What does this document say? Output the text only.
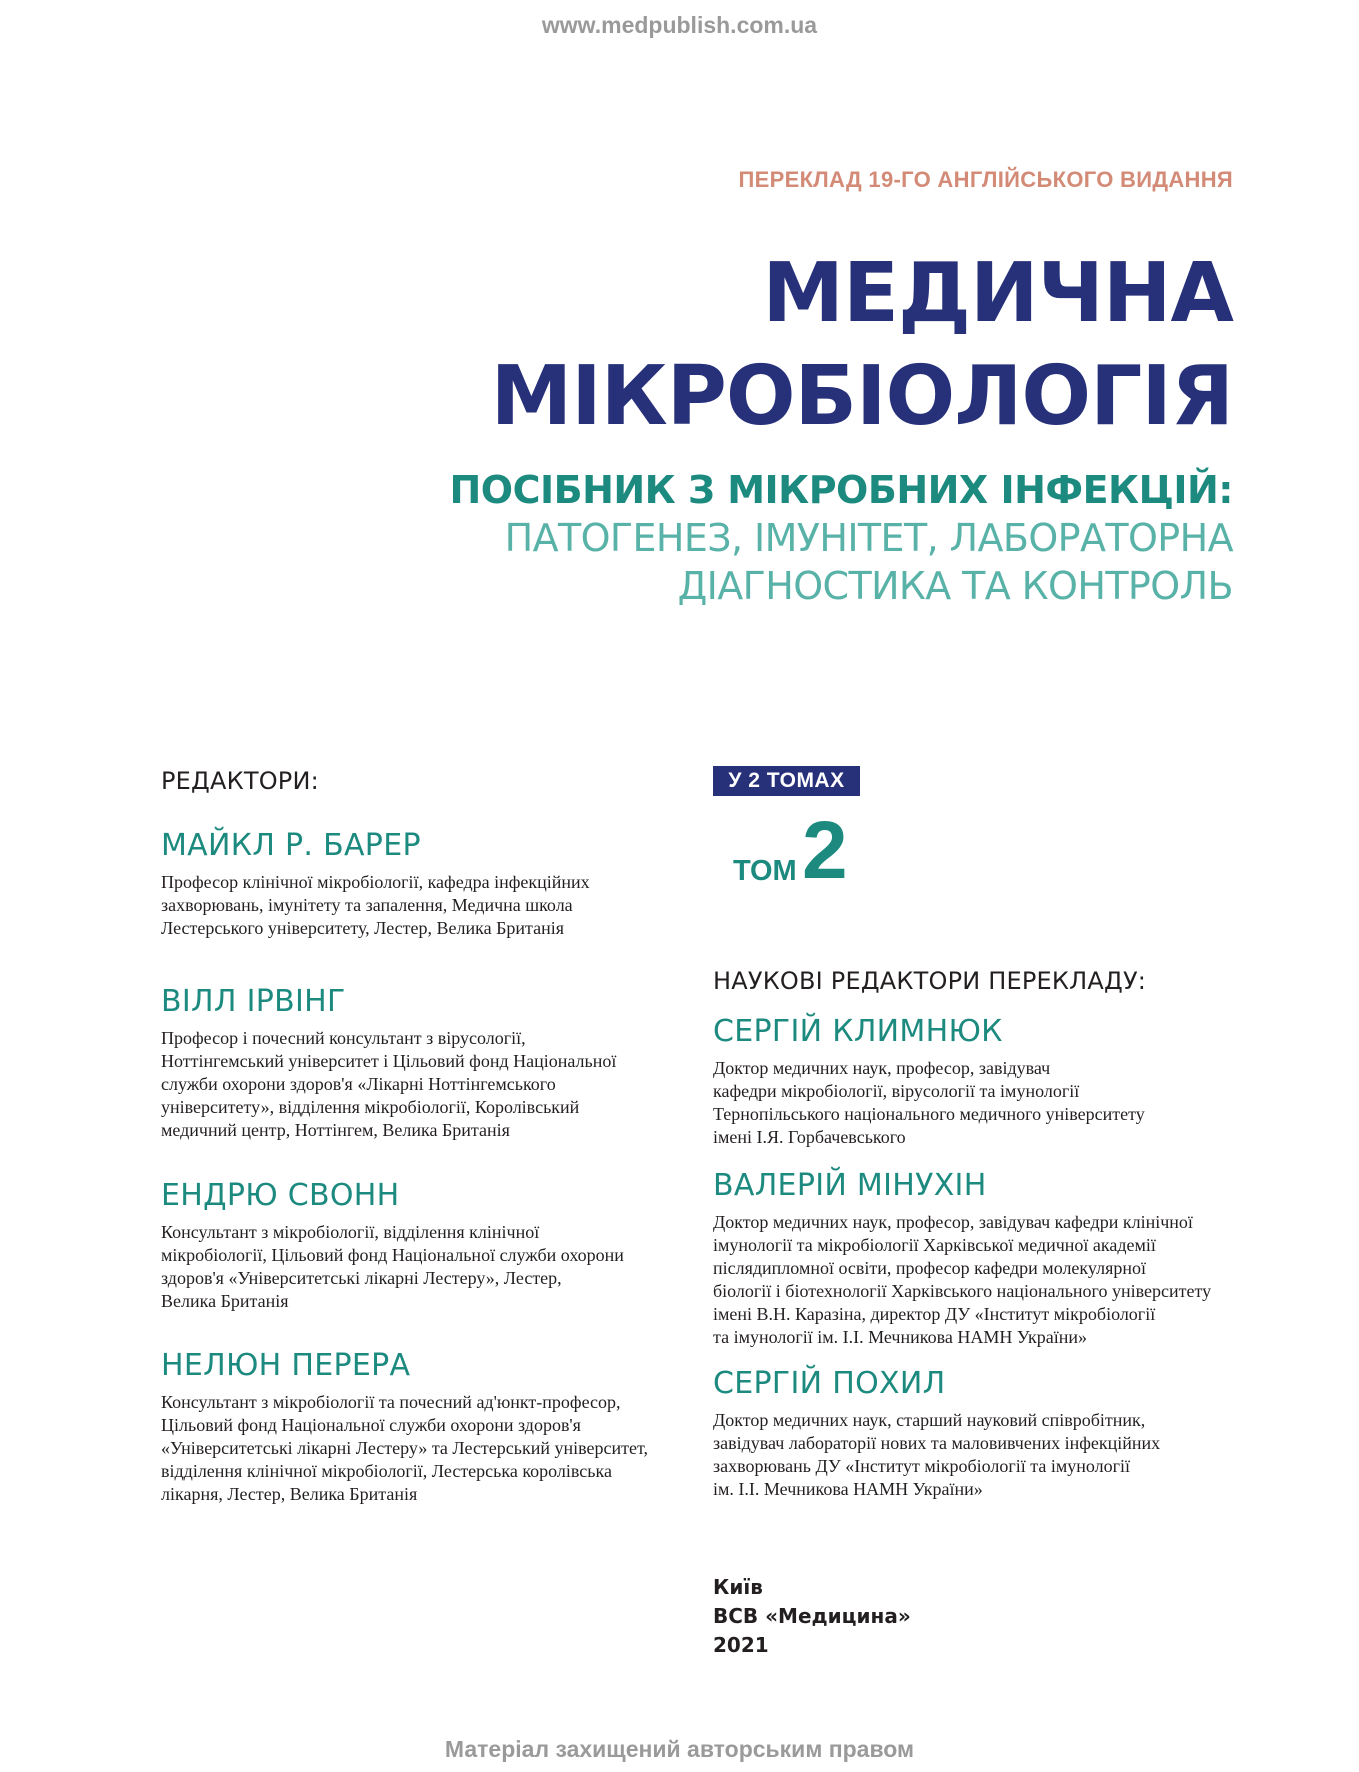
www.medpublish.com.ua
ПЕРЕКЛАД 19-ГО АНГЛІЙСЬКОГО ВИДАННЯ
МЕДИЧНА
МІКРОБІОЛОГІЯ
ПОСІБНИК З МІКРОБНИХ ІНФЕКЦІЙ:
ПАТОГЕНЕЗ, ІМУНІТЕТ, ЛАБОРАТОРНА
ДІАГНОСТИКА ТА КОНТРОЛЬ
РЕДАКТОРИ:
МАЙКЛ Р. БАРЕР
Професор клінічної мікробіології, кафедра інфекційних
захворювань, імунітету та запалення, Медична школа
Лестерського університету, Лестер, Велика Британія
ВІЛЛ ІРВІНГ
Професор і почесний консультант з вірусології,
Ноттінгемський університет і Цільовий фонд Національної
служби охорони здоров'я «Лікарні Ноттінгемського
університету», відділення мікробіології, Королівський
медичний центр, Ноттінгем, Велика Британія
ЕНДРЮ СВОНН
Консультант з мікробіології, відділення клінічної
мікробіології, Цільовий фонд Національної служби охорони
здоров'я «Університетські лікарні Лестеру», Лестер,
Велика Британія
НЕЛЮН ПЕРЕРА
Консультант з мікробіології та почесний ад'юнкт-професор,
Цільовий фонд Національної служби охорони здоров'я
«Університетські лікарні Лестеру» та Лестерський університет,
відділення клінічної мікробіології, Лестерська королівська
лікарня, Лестер, Велика Британія
У 2 ТОМАХ
ТОМ 2
НАУКОВІ РЕДАКТОРИ ПЕРЕКЛАДУ:
СЕРГІЙ КЛИМНЮК
Доктор медичних наук, професор, завідувач
кафедри мікробіології, вірусології та імунології
Тернопільського національного медичного університету
імені І.Я. Горбачевського
ВАЛЕРІЙ МІНУХІН
Доктор медичних наук, професор, завідувач кафедри клінічної
імунології та мікробіології Харківської медичної академії
післядипломної освіти, професор кафедри молекулярної
біології і біотехнології Харківського національного університету
імені В.Н. Каразіна, директор ДУ «Інститут мікробіології
та імунології ім. І.І. Мечникова НАМН України»
СЕРГІЙ ПОХИЛ
Доктор медичних наук, старший науковий співробітник,
завідувач лабораторії нових та маловивчених інфекційних
захворювань ДУ «Інститут мікробіології та імунології
ім. І.І. Мечникова НАМН України»
Київ
ВСВ «Медицина»
2021
Матеріал захищений авторським правом
